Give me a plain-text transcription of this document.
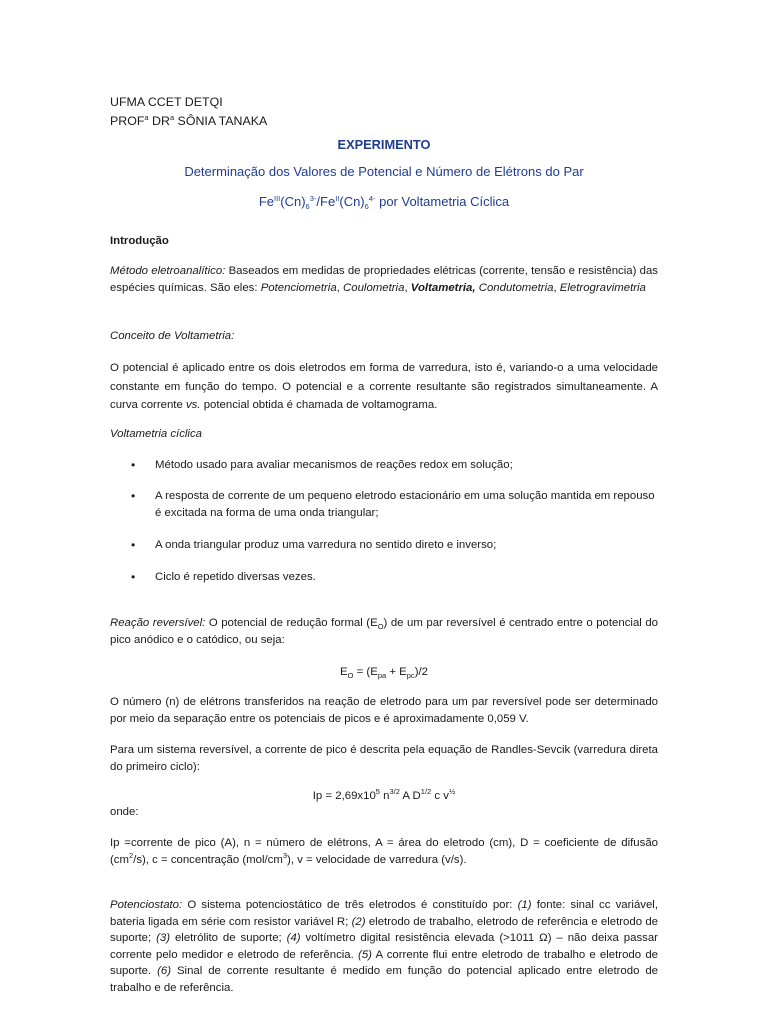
UFMA CCET DETQI
PROF$^a$ $DR^a$ SÔNIA TANAKA
EXPERIMENTO
Determinação dos Valores de Potencial e Número de Elétrons do Par
$Fe^{III}(Cn)_6^{3-}/Fe^{II}(Cn)_6^{4-}$ por Voltametria Cíclica
Introdução
Método eletroanalítico: Baseados em medidas de propriedades elétricas (corrente, tensão e resistência) das espécies químicas. São eles: Potenciometria, Coulometria, Voltametria, Condutometria, Eletrogravimetria
Conceito de Voltametria:
O potencial é aplicado entre os dois eletrodos em forma de varredura, isto é, variando-o a uma velocidade constante em função do tempo. O potencial e a corrente resultante são registrados simultaneamente. A curva corrente vs. potencial obtida é chamada de voltamograma.
Voltametria cíclica
• Método usado para avaliar mecanismos de reações redox em solução;
• A resposta de corrente de um pequeno eletrodo estacionário em uma solução mantida em repouso é excitada na forma de uma onda triangular;
• A onda triangular produz uma varredura no sentido direto e inverso;
• Ciclo é repetido diversas vezes.
Reação reversível: O potencial de redução formal $(E_O)$ de um par reversível é centrado entre o potencial do pico anódico e o catódico, ou seja:
$E_O = (E_{pa} + E_{pc})/2$
O número (n) de elétrons transferidos na reação de eletrodo para um par reversível pode ser determinado por meio da separação entre os potenciais de picos e é aproximadamente 0,059 V.
Para um sistema reversível, a corrente de pico é descrita pela equação de Randles-Sevcik (varredura direta do primeiro ciclo):
$Ip = 2,69x10^5$ $n^{3/2}$ A $D^{1/2}$ c $v^{\frac{1}{2}}$
onde:
Ip =corrente de pico (A), n = número de elétrons, A = área do eletrodo (cm), D = coeficiente de difusão $(cm^2/s)$, c = concentração $(mol/cm^3)$, v = velocidade de varredura (v/s).
Potenciostato: O sistema potenciostático de três eletrodos é constituído por: (1) fonte: sinal cc variável, bateria ligada em série com resistor variável R; (2) eletrodo de trabalho, eletrodo de referência e eletrodo de suporte; (3) eletrólito de suporte; (4) voltímetro digital resistência elevada (>1011 Ω) – não deixa passar corrente pelo medidor e eletrodo de referência. (5) A corrente flui entre eletrodo de trabalho e eletrodo de suporte. (6) Sinal de corrente resultante é medido em função do potencial aplicado entre eletrodo de trabalho e de referência.
